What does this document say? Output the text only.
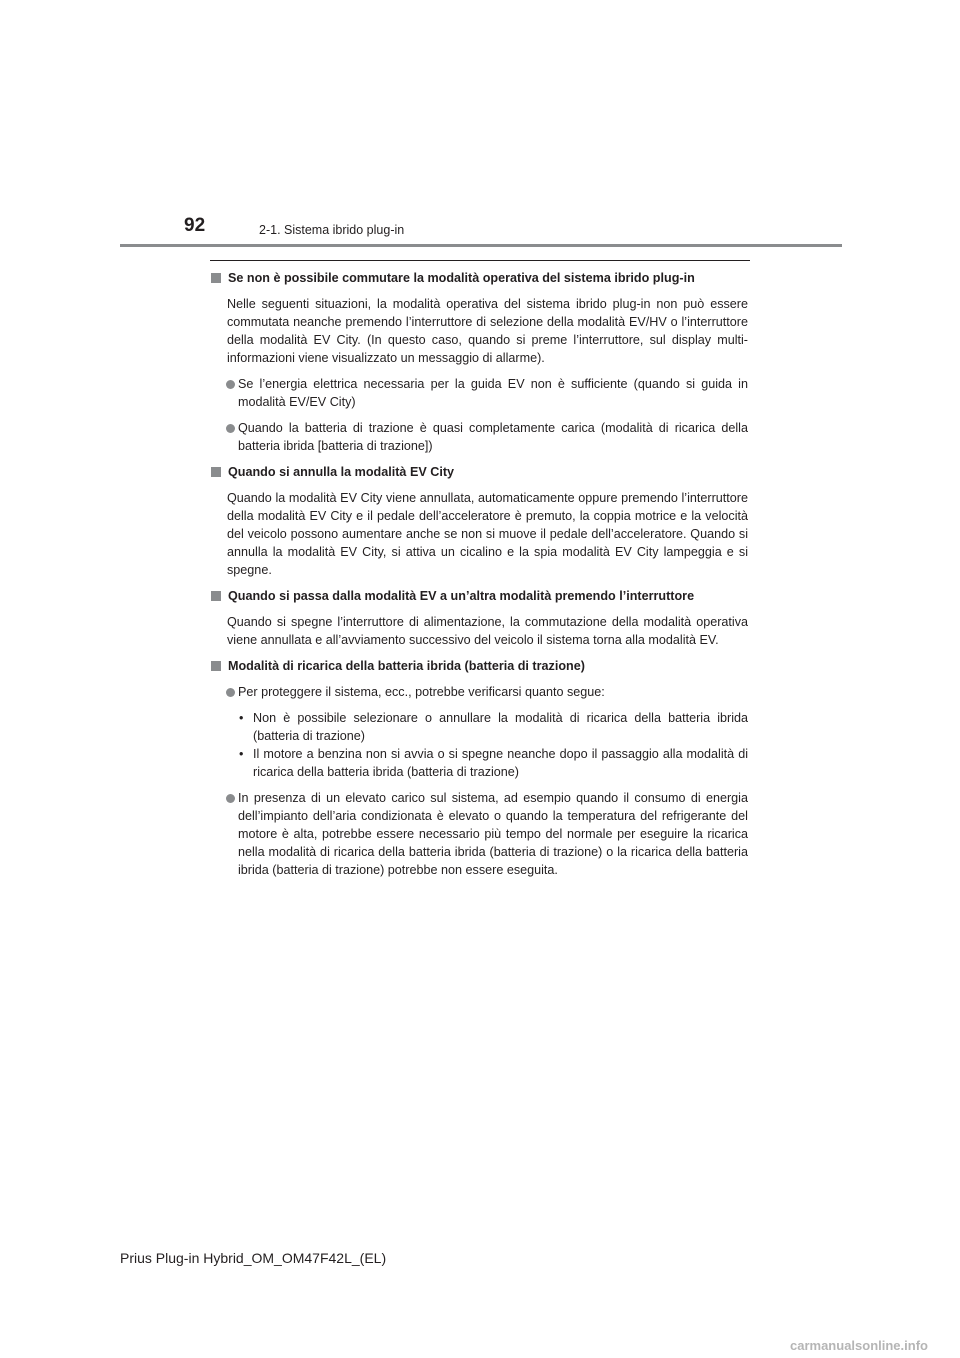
92	2-1. Sistema ibrido plug-in
Se non è possibile commutare la modalità operativa del sistema ibrido plug-in
Nelle seguenti situazioni, la modalità operativa del sistema ibrido plug-in non può essere commutata neanche premendo l’interruttore di selezione della modalità EV/HV o l’interruttore della modalità EV City. (In questo caso, quando si preme l’interruttore, sul display multi-informazioni viene visualizzato un messaggio di allarme).
Se l’energia elettrica necessaria per la guida EV non è sufficiente (quando si guida in modalità EV/EV City)
Quando la batteria di trazione è quasi completamente carica (modalità di ricarica della batteria ibrida [batteria di trazione])
Quando si annulla la modalità EV City
Quando la modalità EV City viene annullata, automaticamente oppure premendo l’interruttore della modalità EV City e il pedale dell’acceleratore è premuto, la coppia motrice e la velocità del veicolo possono aumentare anche se non si muove il pedale dell’acceleratore. Quando si annulla la modalità EV City, si attiva un cicalino e la spia modalità EV City lampeggia e si spegne.
Quando si passa dalla modalità EV a un’altra modalità premendo l’interruttore
Quando si spegne l’interruttore di alimentazione, la commutazione della modalità operativa viene annullata e all’avviamento successivo del veicolo il sistema torna alla modalità EV.
Modalità di ricarica della batteria ibrida (batteria di trazione)
Per proteggere il sistema, ecc., potrebbe verificarsi quanto segue:
• Non è possibile selezionare o annullare la modalità di ricarica della batteria ibrida (batteria di trazione)
• Il motore a benzina non si avvia o si spegne neanche dopo il passaggio alla modalità di ricarica della batteria ibrida (batteria di trazione)
In presenza di un elevato carico sul sistema, ad esempio quando il consumo di energia dell’impianto dell’aria condizionata è elevato o quando la temperatura del refrigerante del motore è alta, potrebbe essere necessario più tempo del normale per eseguire la ricarica nella modalità di ricarica della batteria ibrida (batteria di trazione) o la ricarica della batteria ibrida (batteria di trazione) potrebbe non essere eseguita.
Prius Plug-in Hybrid_OM_OM47F42L_(EL)
carmanualsonline.info
